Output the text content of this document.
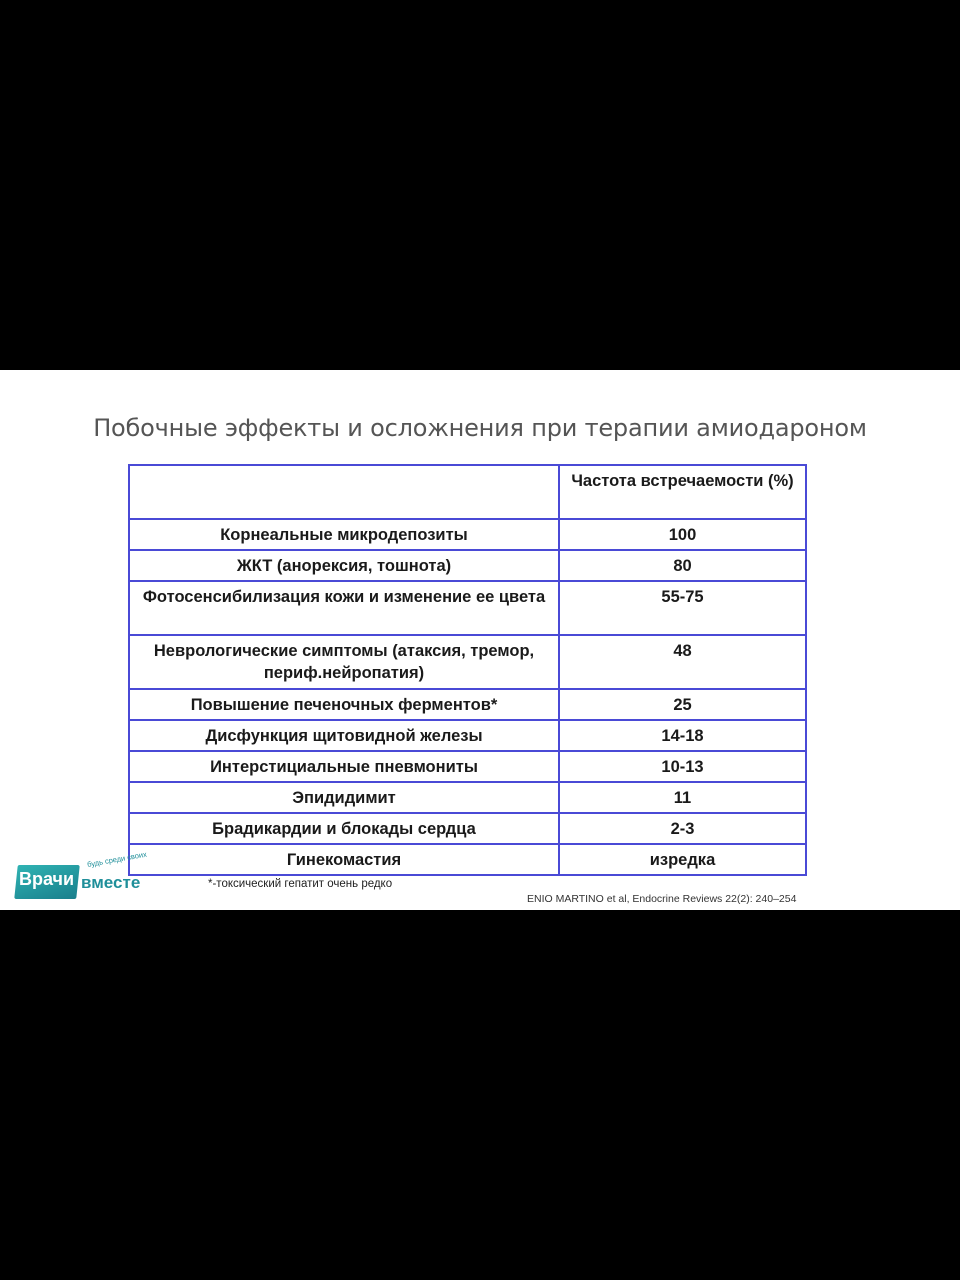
Побочные эффекты и осложнения при терапии амиодароном
	Частота встречаемости (%)
Корнеальные микродепозиты	100
ЖКТ (анорексия, тошнота)	80
Фотосенсибилизация кожи и изменение ее цвета	55-75
Неврологические симптомы (атаксия, тремор, периф.нейропатия)	48
Повышение печеночных ферментов*	25
Дисфункция щитовидной железы	14-18
Интерстициальные пневмониты	10-13
Эпидидимит	11
Брадикардии и блокады сердца	2-3
Гинекомастия	изредка
Врачи вместе
будь среди своих
*-токсический гепатит очень редко
ENIO MARTINO et al, Endocrine Reviews 22(2): 240–254
